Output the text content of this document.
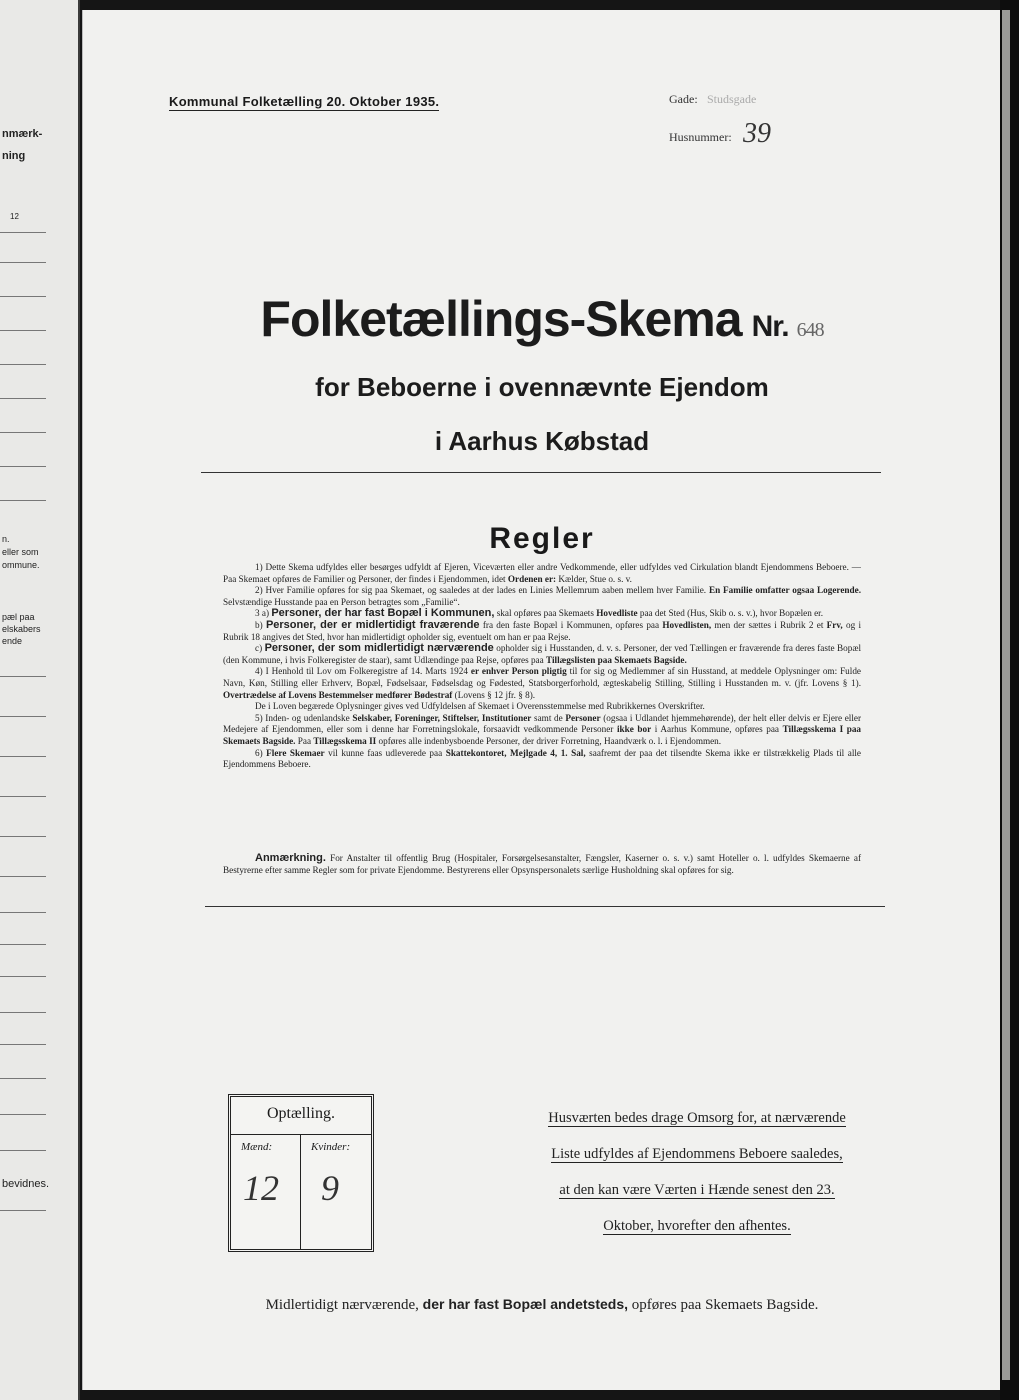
nmærk-
ning
12
n.
eller som
ommune.
pæl paa
elskabers
ende
bevidnes.
Kommunal Folketælling 20. Oktober 1935.	Gade: Studsgade
Husnummer: 39
Folketællings-Skema Nr. 648
for Beboerne i ovennævnte Ejendom
i Aarhus Købstad
Regler

1) Dette Skema udfyldes eller besørges udfyldt af Ejeren, Viceværten eller andre Vedkommende, eller udfyldes ved Cirkulation blandt Ejendommens Beboere. — Paa Skemaet opføres de Familier og Personer, der findes i Ejendommen, idet Ordenen er: Kælder, Stue o. s. v.

2) Hver Familie opføres for sig paa Skemaet, og saaledes at der lades en Linies Mellemrum aaben mellem hver Familie. En Familie omfatter ogsaa Logerende. Selvstændige Husstande paa en Person betragtes som „Familie“.

3 a) Personer, der har fast Bopæl i Kommunen, skal opføres paa Skemaets Hovedliste paa det Sted (Hus, Skib o. s. v.), hvor Bopælen er.

b) Personer, der er midlertidigt fraværende fra den faste Bopæl i Kommunen, opføres paa Hovedlisten, men der sættes i Rubrik 2 et Frv, og i Rubrik 18 angives det Sted, hvor han midlertidigt opholder sig, eventuelt om han er paa Rejse.

c) Personer, der som midlertidigt nærværende opholder sig i Husstanden, d. v. s. Personer, der ved Tællingen er fraværende fra deres faste Bopæl (den Kommune, i hvis Folkeregister de staar), samt Udlændinge paa Rejse, opføres paa Tillægslisten paa Skemaets Bagside.

4) I Henhold til Lov om Folkeregistre af 14. Marts 1924 er enhver Person pligtig til for sig og Medlemmer af sin Husstand, at meddele Oplysninger om: Fulde Navn, Køn, Stilling eller Erhverv, Bopæl, Fødselsaar, Fødselsdag og Fødested, Statsborgerforhold, ægteskabelig Stilling, Stilling i Husstanden m. v. (jfr. Lovens § 1). Overtrædelse af Lovens Bestemmelser medfører Bødestraf (Lovens § 12 jfr. § 8).

De i Loven begærede Oplysninger gives ved Udfyldelsen af Skemaet i Overensstemmelse med Rubrikkernes Overskrifter.

5) Inden- og udenlandske Selskaber, Foreninger, Stiftelser, Institutioner samt de Personer (ogsaa i Udlandet hjemmehørende), der helt eller delvis er Ejere eller Medejere af Ejendommen, eller som i denne har Forretningslokale, forsaavidt vedkommende Personer ikke bor i Aarhus Kommune, opføres paa Tillægsskema I paa Skemaets Bagside. Paa Tillægsskema II opføres alle indenbysboende Personer, der driver Forretning, Haandværk o. l. i Ejendommen.

6) Flere Skemaer vil kunne faas udleverede paa Skattekontoret, Mejlgade 4, 1. Sal, saafremt der paa det tilsendte Skema ikke er tilstrækkelig Plads til alle Ejendommens Beboere.

Anmærkning. For Anstalter til offentlig Brug (Hospitaler, Forsørgelsesanstalter, Fængsler, Kaserner o. s. v.) samt Hoteller o. l. udfyldes Skemaerne af Bestyrerne efter samme Regler som for private Ejendomme. Bestyrerens eller Opsynspersonalets særlige Husholdning skal opføres for sig.
Optælling.
Mænd:	Kvinder:
12 9
Husværten bedes drage Omsorg for, at nærværende
Liste udfyldes af Ejendommens Beboere saaledes,
at den kan være Værten i Hænde senest den 23.
Oktober, hvorefter den afhentes.
Midlertidigt nærværende, der har fast Bopæl andetsteds, opføres paa Skemaets Bagside.
